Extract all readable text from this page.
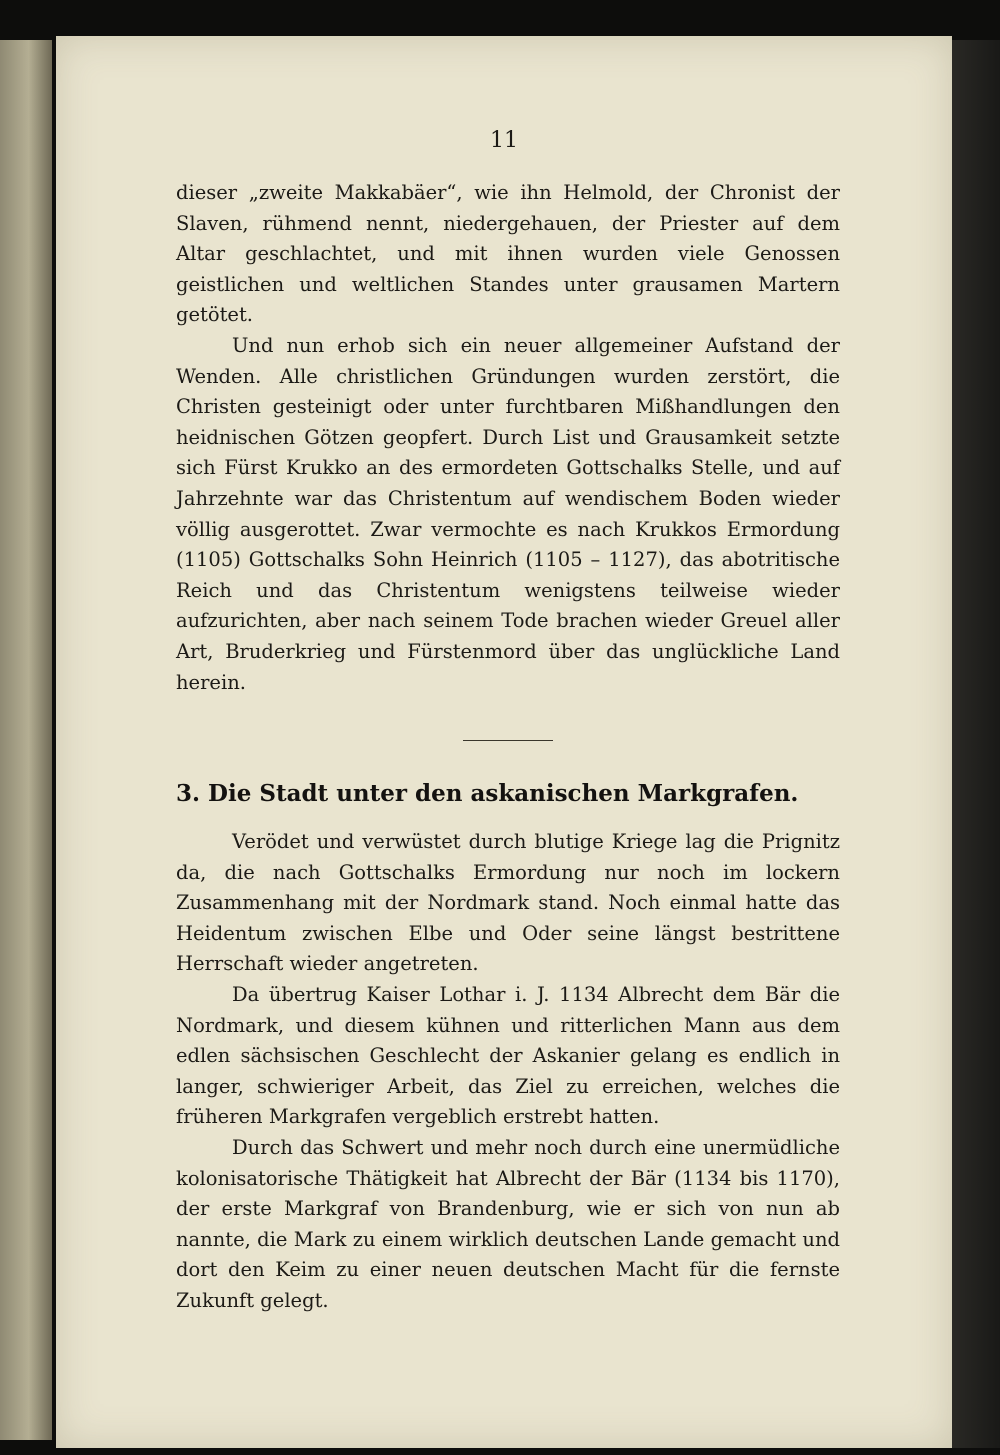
11

dieser „zweite Makkabäer“, wie ihn Helmold, der Chronist der Slaven, rühmend nennt, niedergehauen, der Priester auf dem Altar geschlachtet, und mit ihnen wurden viele Genossen geistlichen und weltlichen Standes unter grausamen Martern getötet.

Und nun erhob sich ein neuer allgemeiner Aufstand der Wenden. Alle christlichen Gründungen wurden zerstört, die Christen gesteinigt oder unter furchtbaren Mißhandlungen den heidnischen Götzen geopfert. Durch List und Grausamkeit setzte sich Fürst Krukko an des ermordeten Gottschalks Stelle, und auf Jahrzehnte war das Christentum auf wendischem Boden wieder völlig ausgerottet. Zwar vermochte es nach Krukkos Ermordung (1105) Gottschalks Sohn Heinrich (1105 – 1127), das abotritische Reich und das Christentum wenigstens teilweise wieder aufzurichten, aber nach seinem Tode brachen wieder Greuel aller Art, Bruderkrieg und Fürstenmord über das unglückliche Land herein.

3. Die Stadt unter den askanischen Markgrafen.

Verödet und verwüstet durch blutige Kriege lag die Prignitz da, die nach Gottschalks Ermordung nur noch im lockern Zusammenhang mit der Nordmark stand. Noch einmal hatte das Heidentum zwischen Elbe und Oder seine längst bestrittene Herrschaft wieder angetreten.

Da übertrug Kaiser Lothar i. J. 1134 Albrecht dem Bär die Nordmark, und diesem kühnen und ritterlichen Mann aus dem edlen sächsischen Geschlecht der Askanier gelang es endlich in langer, schwieriger Arbeit, das Ziel zu erreichen, welches die früheren Markgrafen vergeblich erstrebt hatten.

Durch das Schwert und mehr noch durch eine unermüdliche kolonisatorische Thätigkeit hat Albrecht der Bär (1134 bis 1170), der erste Markgraf von Brandenburg, wie er sich von nun ab nannte, die Mark zu einem wirklich deutschen Lande gemacht und dort den Keim zu einer neuen deutschen Macht für die fernste Zukunft gelegt.
